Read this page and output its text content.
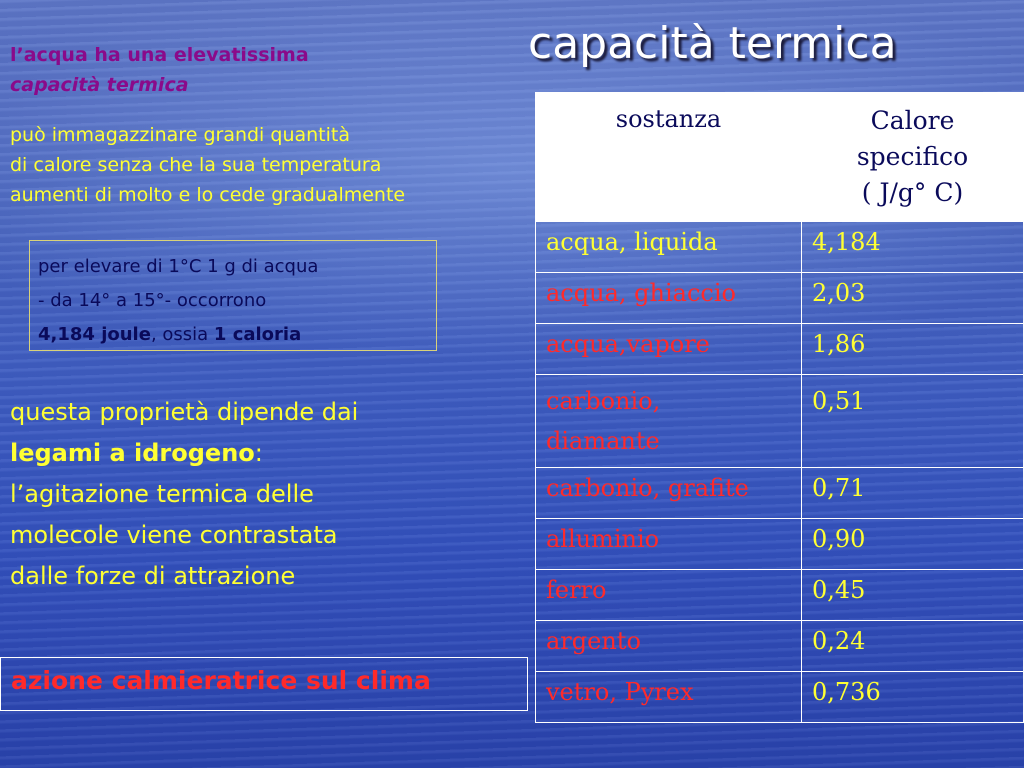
capacità termica
l’acqua ha una elevatissima
capacità termica
può immagazzinare grandi quantità
di calore senza che la sua temperatura
aumenti di molto e lo cede gradualmente
per elevare di 1°C 1 g di acqua
- da 14° a 15°- occorrono
4,184 joule, ossia 1 caloria
questa proprietà dipende dai
legami a idrogeno:
l’agitazione termica delle
molecole viene contrastata
dalle forze di attrazione
azione calmieratrice sul clima
sostanza	Calore
specifico
( J/g° C)

acqua, liquida	4,184
acqua, ghiaccio	2,03
acqua,vapore	1,86

carbonio,
diamante	0,51
carbonio, grafite	0,71
alluminio	0,90
ferro	0,45
argento	0,24
vetro, Pyrex	0,736
